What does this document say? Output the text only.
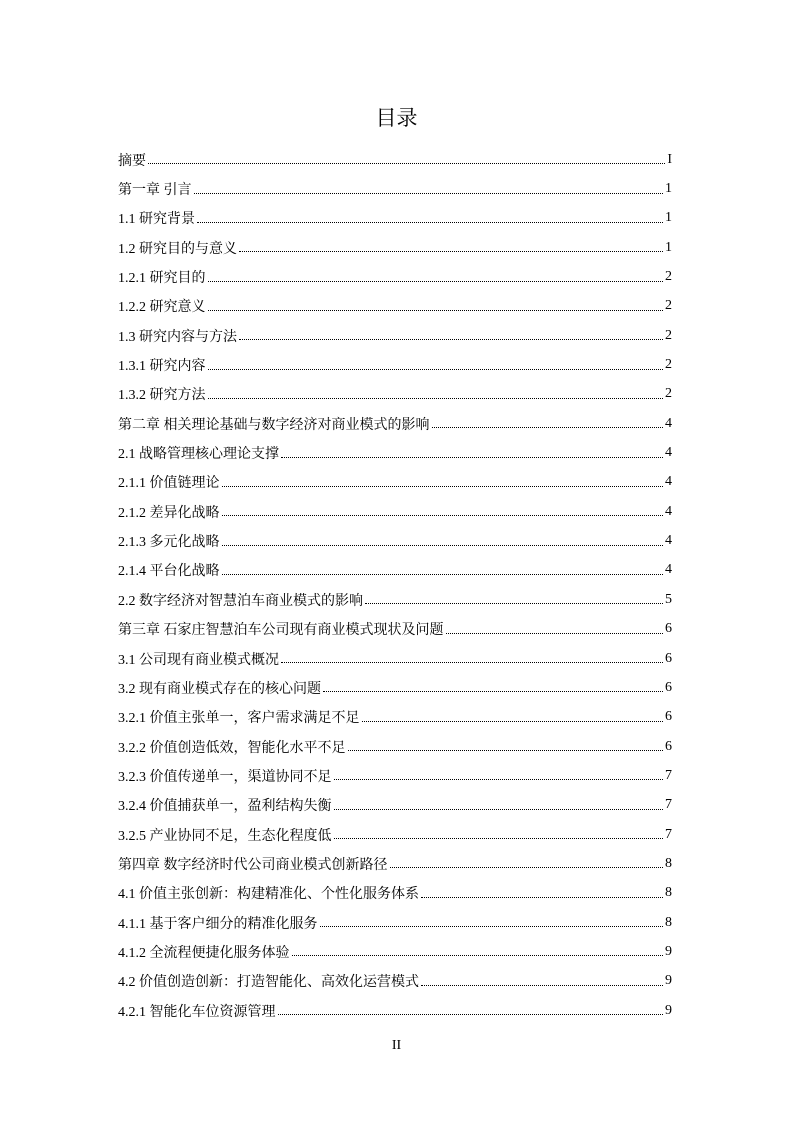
目录
摘要	I
第一章 引言	1
1.1 研究背景	1
1.2 研究目的与意义	1
1.2.1 研究目的	2
1.2.2 研究意义	2
1.3 研究内容与方法	2
1.3.1 研究内容	2
1.3.2 研究方法	2
第二章 相关理论基础与数字经济对商业模式的影响	4
2.1 战略管理核心理论支撑	4
2.1.1 价值链理论	4
2.1.2 差异化战略	4
2.1.3 多元化战略	4
2.1.4 平台化战略	4
2.2 数字经济对智慧泊车商业模式的影响	5
第三章 石家庄智慧泊车公司现有商业模式现状及问题	6
3.1 公司现有商业模式概况	6
3.2 现有商业模式存在的核心问题	6
3.2.1 价值主张单一，客户需求满足不足	6
3.2.2 价值创造低效，智能化水平不足	6
3.2.3 价值传递单一，渠道协同不足	7
3.2.4 价值捕获单一，盈利结构失衡	7
3.2.5 产业协同不足，生态化程度低	7
第四章 数字经济时代公司商业模式创新路径	8
4.1 价值主张创新：构建精准化、个性化服务体系	8
4.1.1 基于客户细分的精准化服务	8
4.1.2 全流程便捷化服务体验	9
4.2 价值创造创新：打造智能化、高效化运营模式	9
4.2.1 智能化车位资源管理	9
II
